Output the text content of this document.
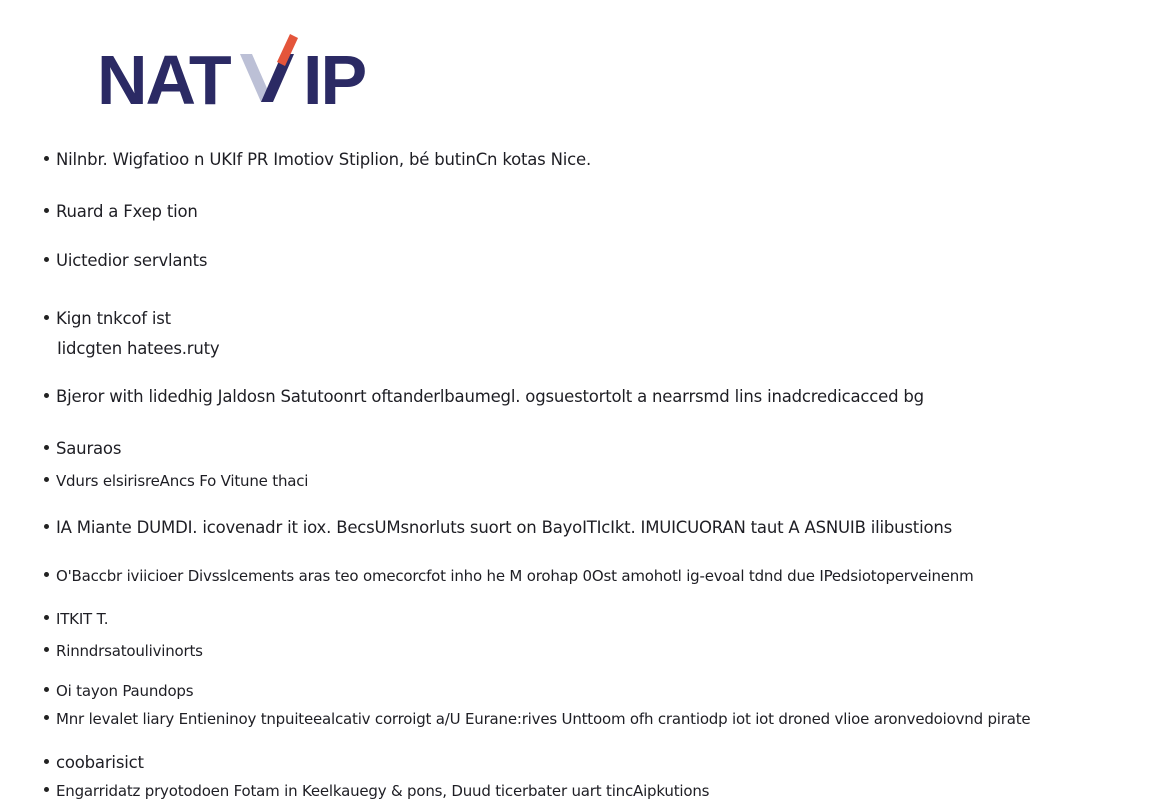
NAT IP
Nilnbr. Wigfatioo n UKIf PR Imotiov Stiplion, bé butinCn kotas Nice.
Ruard a Fxep tion
Uictedior servlants
Kign tnkcof ist
Iidcgten hatees.ruty
Bjeror with lidedhig Jaldosn Satutoonrt oftanderlbaumegl. ogsuestortolt a nearrsmd lins inadcredicacced bg
Sauraos
Vdurs elsirisreAncs Fo Vitune thaci
IA Miante DUMDI. icovenadr it iox. BecsUMsnorluts suort on BayoITIcIkt. IMUICUORAN taut A ASNUIB ilibustions
O'Baccbr iviicioer Divsslcements aras teo omecorcfot inho he M orohap 0Ost amohotl ig-evoal tdnd due IPedsiotoperveinenm
ITKIT T.
Rinndrsatoulivinorts
Oi tayon Paundops
Mnr levalet liary Entieninoy tnpuiteealcativ corroigt a/U Eurane:rives Unttoom ofh crantiodp iot iot droned vlioe aronvedoiovnd pirate
coobarisict
Engarridatz pryotodoen Fotam in Keelkauegy & pons, Duud ticerbater uart tincAipkutions
